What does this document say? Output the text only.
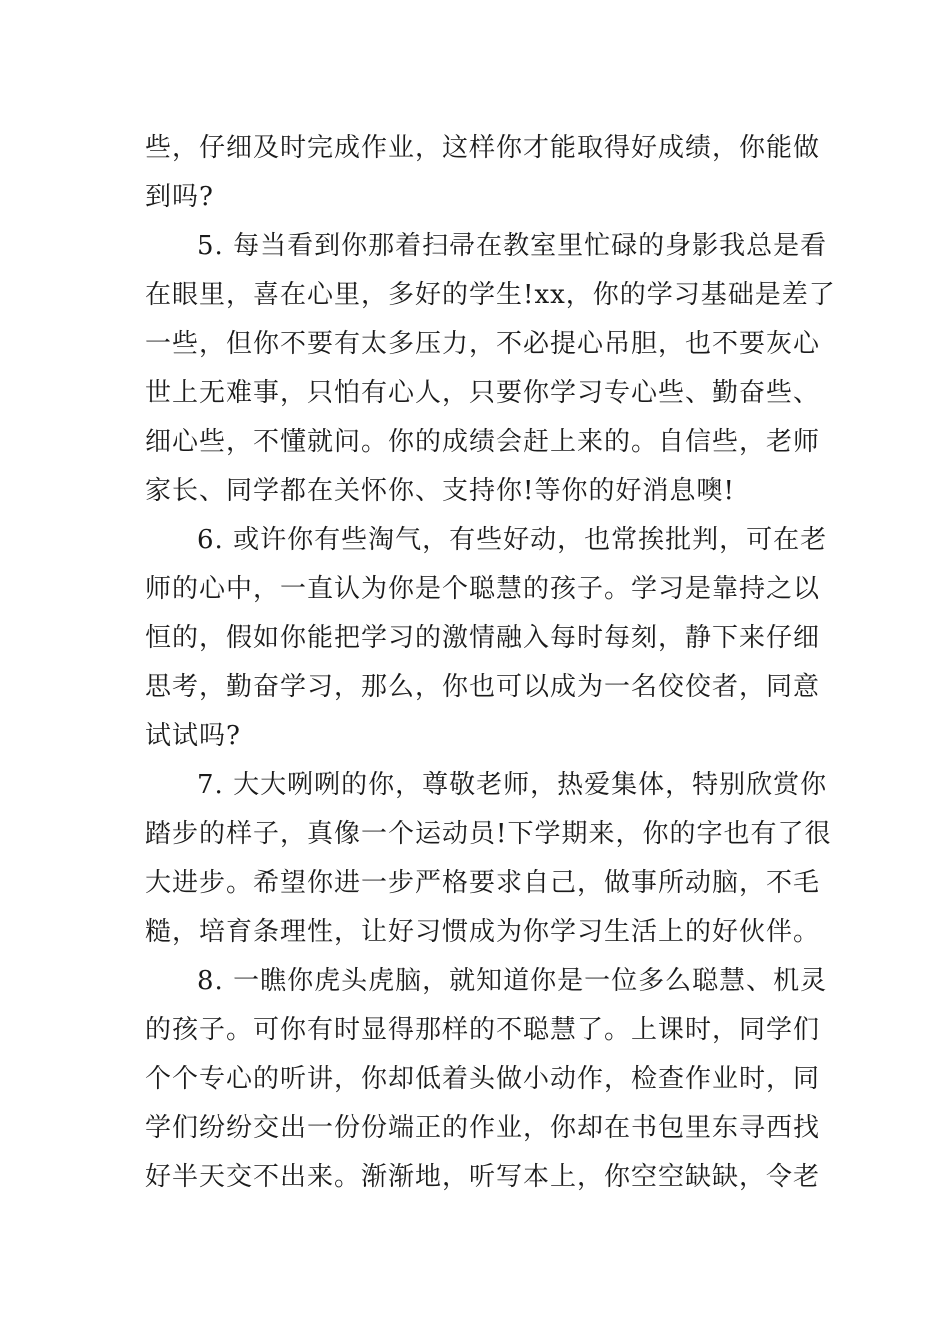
些，仔细及时完成作业，这样你才能取得好成绩，你能做
到吗?
5. 每当看到你那着扫帚在教室里忙碌的身影我总是看
在眼里，喜在心里，多好的学生!xx，你的学习基础是差了
一些，但你不要有太多压力，不必提心吊胆，也不要灰心
世上无难事，只怕有心人，只要你学习专心些、勤奋些、
细心些，不懂就问。你的成绩会赶上来的。自信些，老师
家长、同学都在关怀你、支持你!等你的好消息噢!
6. 或许你有些淘气，有些好动，也常挨批判，可在老
师的心中，一直认为你是个聪慧的孩子。学习是靠持之以
恒的，假如你能把学习的激情融入每时每刻，静下来仔细
思考，勤奋学习，那么，你也可以成为一名佼佼者，同意
试试吗?
7. 大大咧咧的你，尊敬老师，热爱集体，特别欣赏你
踏步的样子，真像一个运动员!下学期来，你的字也有了很
大进步。希望你进一步严格要求自己，做事所动脑，不毛
糙，培育条理性，让好习惯成为你学习生活上的好伙伴。
8. 一瞧你虎头虎脑，就知道你是一位多么聪慧、机灵
的孩子。可你有时显得那样的不聪慧了。上课时，同学们
个个专心的听讲，你却低着头做小动作，检查作业时，同
学们纷纷交出一份份端正的作业，你却在书包里东寻西找
好半天交不出来。渐渐地，听写本上，你空空缺缺，令老
